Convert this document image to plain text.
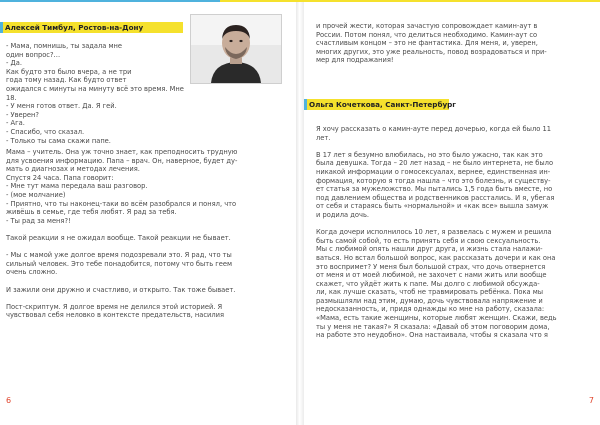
Алексей Тимбул, Ростов-на-Дону

- Мама, помнишь, ты задала мне
один вопрос?…
- Да.
Как будто это было вчера, а не три
года тому назад. Как будто ответ
ожидался с минуты на минуту всё это время. Мне 18.
- У меня готов ответ. Да. Я гей.
- Уверен?
- Ага.
- Спасибо, что сказал.
- Только ты сама скажи папе.

Мама – учитель. Она уж точно знает, как преподносить трудную
для усвоения информацию. Папа – врач. Он, наверное, будет ду-
мать о диагнозах и методах лечения.
Спустя 24 часа. Папа говорит:
- Мне тут мама передала ваш разговор.
- (мое молчание)
- Приятно, что ты наконец-таки во всём разобрался и понял, что
живёшь в семье, где тебя любят. Я рад за тебя.
- Ты рад за меня?!

Такой реакции я не ожидал вообще. Такой реакции не бывает.

- Мы с мамой уже долгое время подозревали это. Я рад, что ты
сильный человек. Это тебе понадобится, потому что быть геем
очень сложно.

И зажили они дружно и счастливо, и открыто. Так тоже бывает.

Пост-скриптум. Я долгое время не делился этой историей. Я
чувствовал себя нелoвко в контексте предательств, насилия

6

и прочей жести, которая зачастую сопровождает камин-аут в
России. Потом понял, что делиться необходимо. Камин-аут со
счастливым концом – это не фантастика. Для меня, и, уверен,
многих других, это уже реальность, повод возрадоваться и при-
мер для подражания!

Ольга Кочеткова, Санкт-Петербург

Я хочу рассказать о камин-ауте перед дочерью, когда ей было 11
лет.

В 17 лет я безумно влюбилась, но это было ужасно, так как это
была девушка. Тогда – 20 лет назад – не было интернета, не было
никакой информации о гомосексуалах, вернее, единственная ин-
формация, которую я тогда нашла – что это болезнь, и существу-
ет статья за мужеложство. Мы пытались 1,5 года быть вместе, но
под давлением общества и родственников расстались. И я, убегая
от себя и стараясь быть «нормальной» и «как все» вышла замуж
и родила дочь.

Когда дочери исполнилось 10 лет, я развелась с мужем и решила
быть самой собой, то есть принять себя и свою сексуальность.
Мы с любимой опять нашли друг друга, и жизнь стала налажи-
ваться. Но встал большой вопрос, как рассказать дочери и как она
это воспримет? У меня был большой страх, что дочь отвернется
от меня и от моей любимой, не захочет с нами жить или вообще
скажет, что уйдёт жить к папе. Мы долго с любимой обсужда-
ли, как лучше сказать, чтоб не травмировать ребёнка. Пока мы
размышляли над этим, думаю, дочь чувствовала напряжение и
недосказанность, и, придя однажды ко мне на работу, сказала:
«Мама, есть такие женщины, которые любят женщин. Скажи, ведь
ты у меня не такая?» Я сказала: «Давай об этом поговорим дома,
на работе это неудобно». Она настаивала, чтобы я сказала что я

7
